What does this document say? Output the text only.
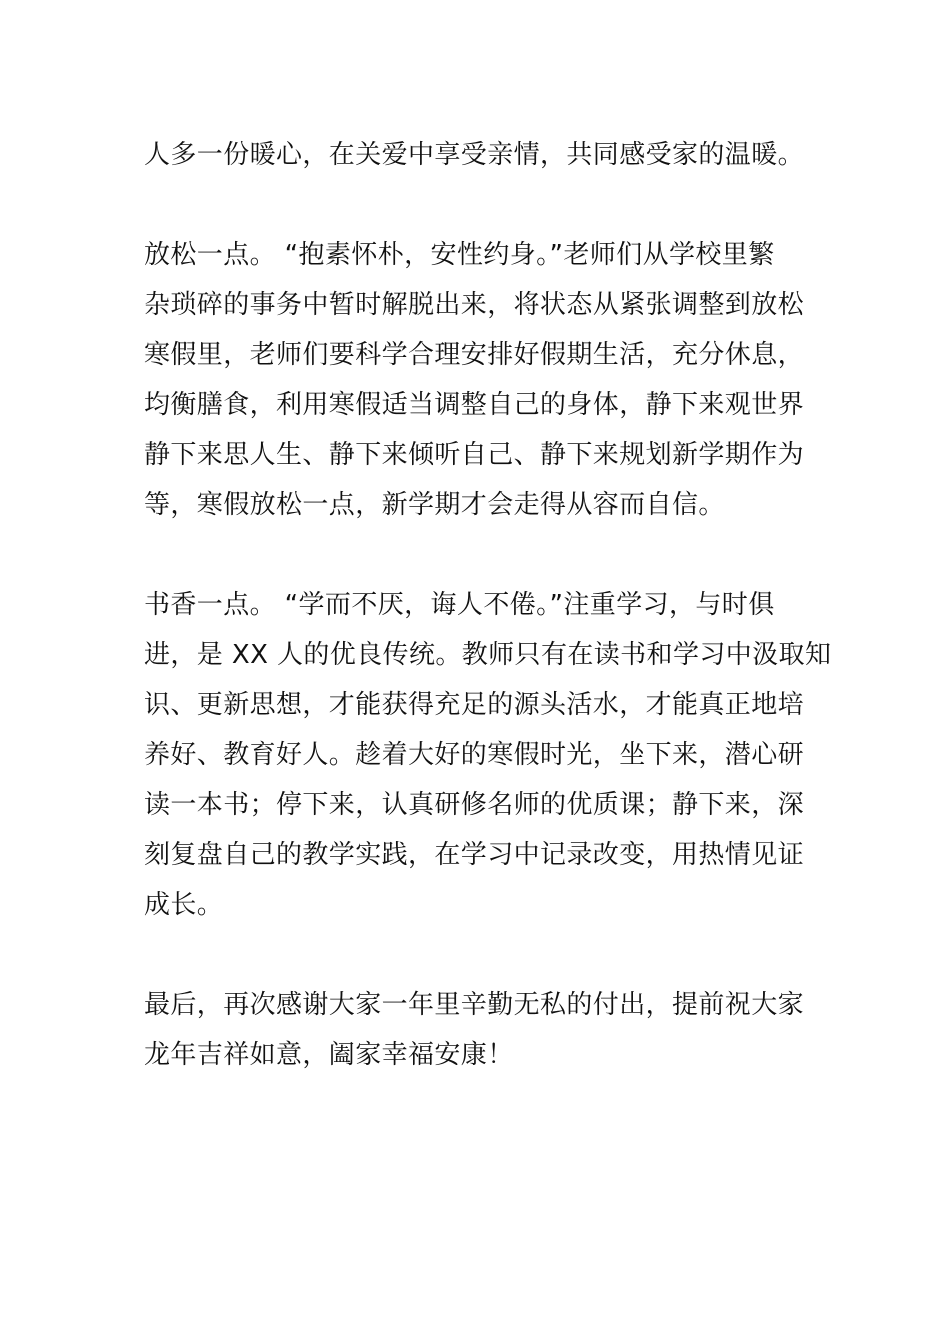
人多一份暖心，在关爱中享受亲情，共同感受家的温暖。
放松一点。 “抱素怀朴，安性约身。”老师们从学校里繁
杂琐碎的事务中暂时解脱出来，将状态从紧张调整到放松
寒假里，老师们要科学合理安排好假期生活，充分休息，
均衡膳食，利用寒假适当调整自己的身体，静下来观世界
静下来思人生、静下来倾听自己、静下来规划新学期作为
等，寒假放松一点，新学期才会走得从容而自信。
书香一点。 “学而不厌，诲人不倦。”注重学习，与时俱
进，是 XX 人的优良传统。教师只有在读书和学习中汲取知
识、更新思想，才能获得充足的源头活水，才能真正地培
养好、教育好人。趁着大好的寒假时光，坐下来，潜心研
读一本书；停下来，认真研修名师的优质课；静下来，深
刻复盘自己的教学实践，在学习中记录改变，用热情见证
成长。
最后，再次感谢大家一年里辛勤无私的付出，提前祝大家
龙年吉祥如意，阖家幸福安康！
